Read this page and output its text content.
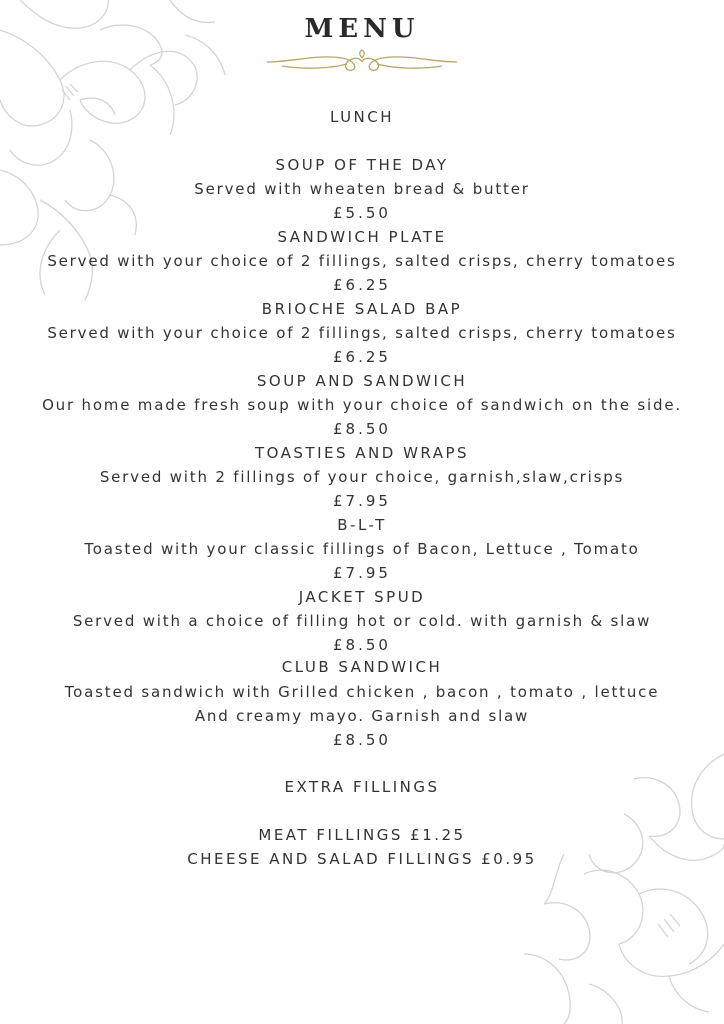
MENU
LUNCH
SOUP OF THE DAY
Served with wheaten bread & butter
£5.50
SANDWICH PLATE
Served with your choice of 2 fillings, salted crisps, cherry tomatoes
£6.25
BRIOCHE SALAD BAP
Served with your choice of 2 fillings, salted crisps, cherry tomatoes
£6.25
SOUP AND SANDWICH
Our home made fresh soup with your choice of sandwich on the side.
£8.50
TOASTIES AND WRAPS
Served with 2 fillings of your choice, garnish,slaw,crisps
£7.95
B-L-T
Toasted with your classic fillings of Bacon, Lettuce , Tomato
£7.95
JACKET SPUD
Served with a choice of filling hot or cold. with garnish & slaw
£8.50
CLUB SANDWICH
Toasted sandwich with Grilled chicken , bacon , tomato , lettuce
And creamy mayo. Garnish and slaw
£8.50
EXTRA FILLINGS
MEAT FILLINGS £1.25
CHEESE AND SALAD FILLINGS £0.95
